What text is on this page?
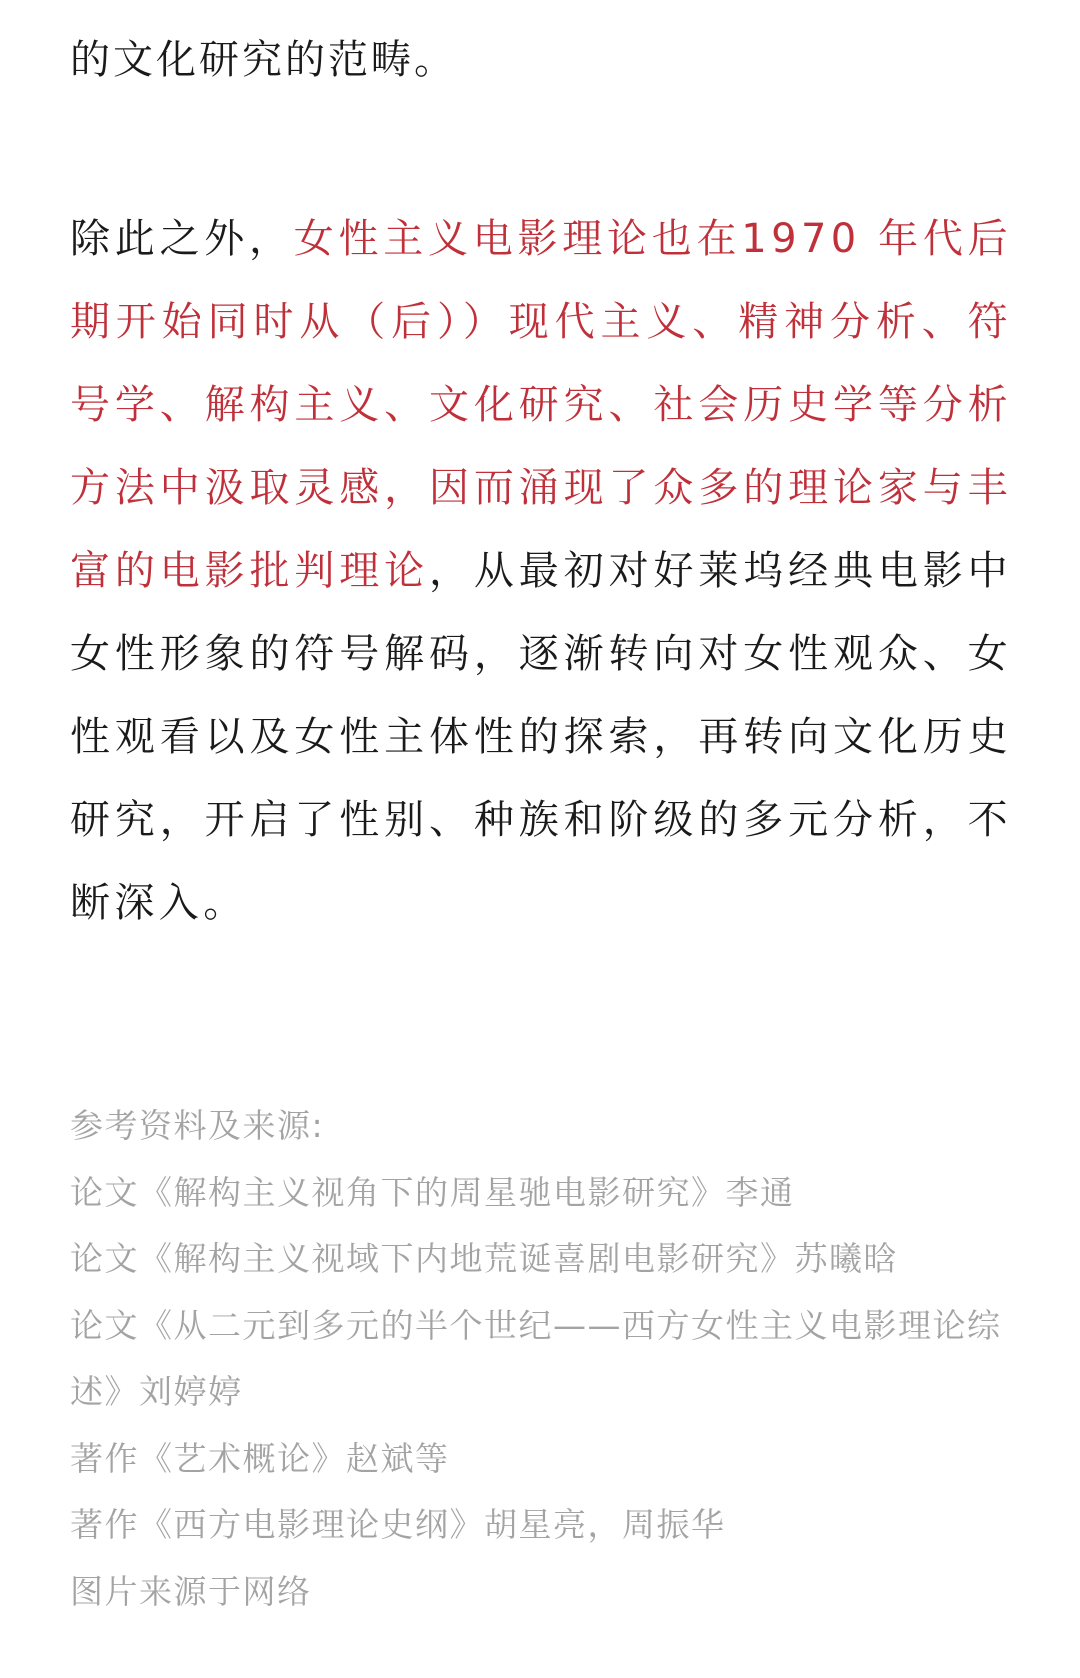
的文化研究的范畴。

除此之外，女性主义电影理论也在1970 年代后期开始同时从（后））现代主义、精神分析、符号学、解构主义、文化研究、社会历史学等分析方法中汲取灵感，因而涌现了众多的理论家与丰富的电影批判理论，从最初对好莱坞经典电影中女性形象的符号解码，逐渐转向对女性观众、女性观看以及女性主体性的探索，再转向文化历史研究，开启了性别、种族和阶级的多元分析，不断深入。

参考资料及来源:

论文《解构主义视角下的周星驰电影研究》李通

论文《解构主义视域下内地荒诞喜剧电影研究》苏曦晗

论文《从二元到多元的半个世纪——西方女性主义电影理论综

述》刘婷婷

著作《艺术概论》赵斌等

著作《西方电影理论史纲》胡星亮，周振华

图片来源于网络
